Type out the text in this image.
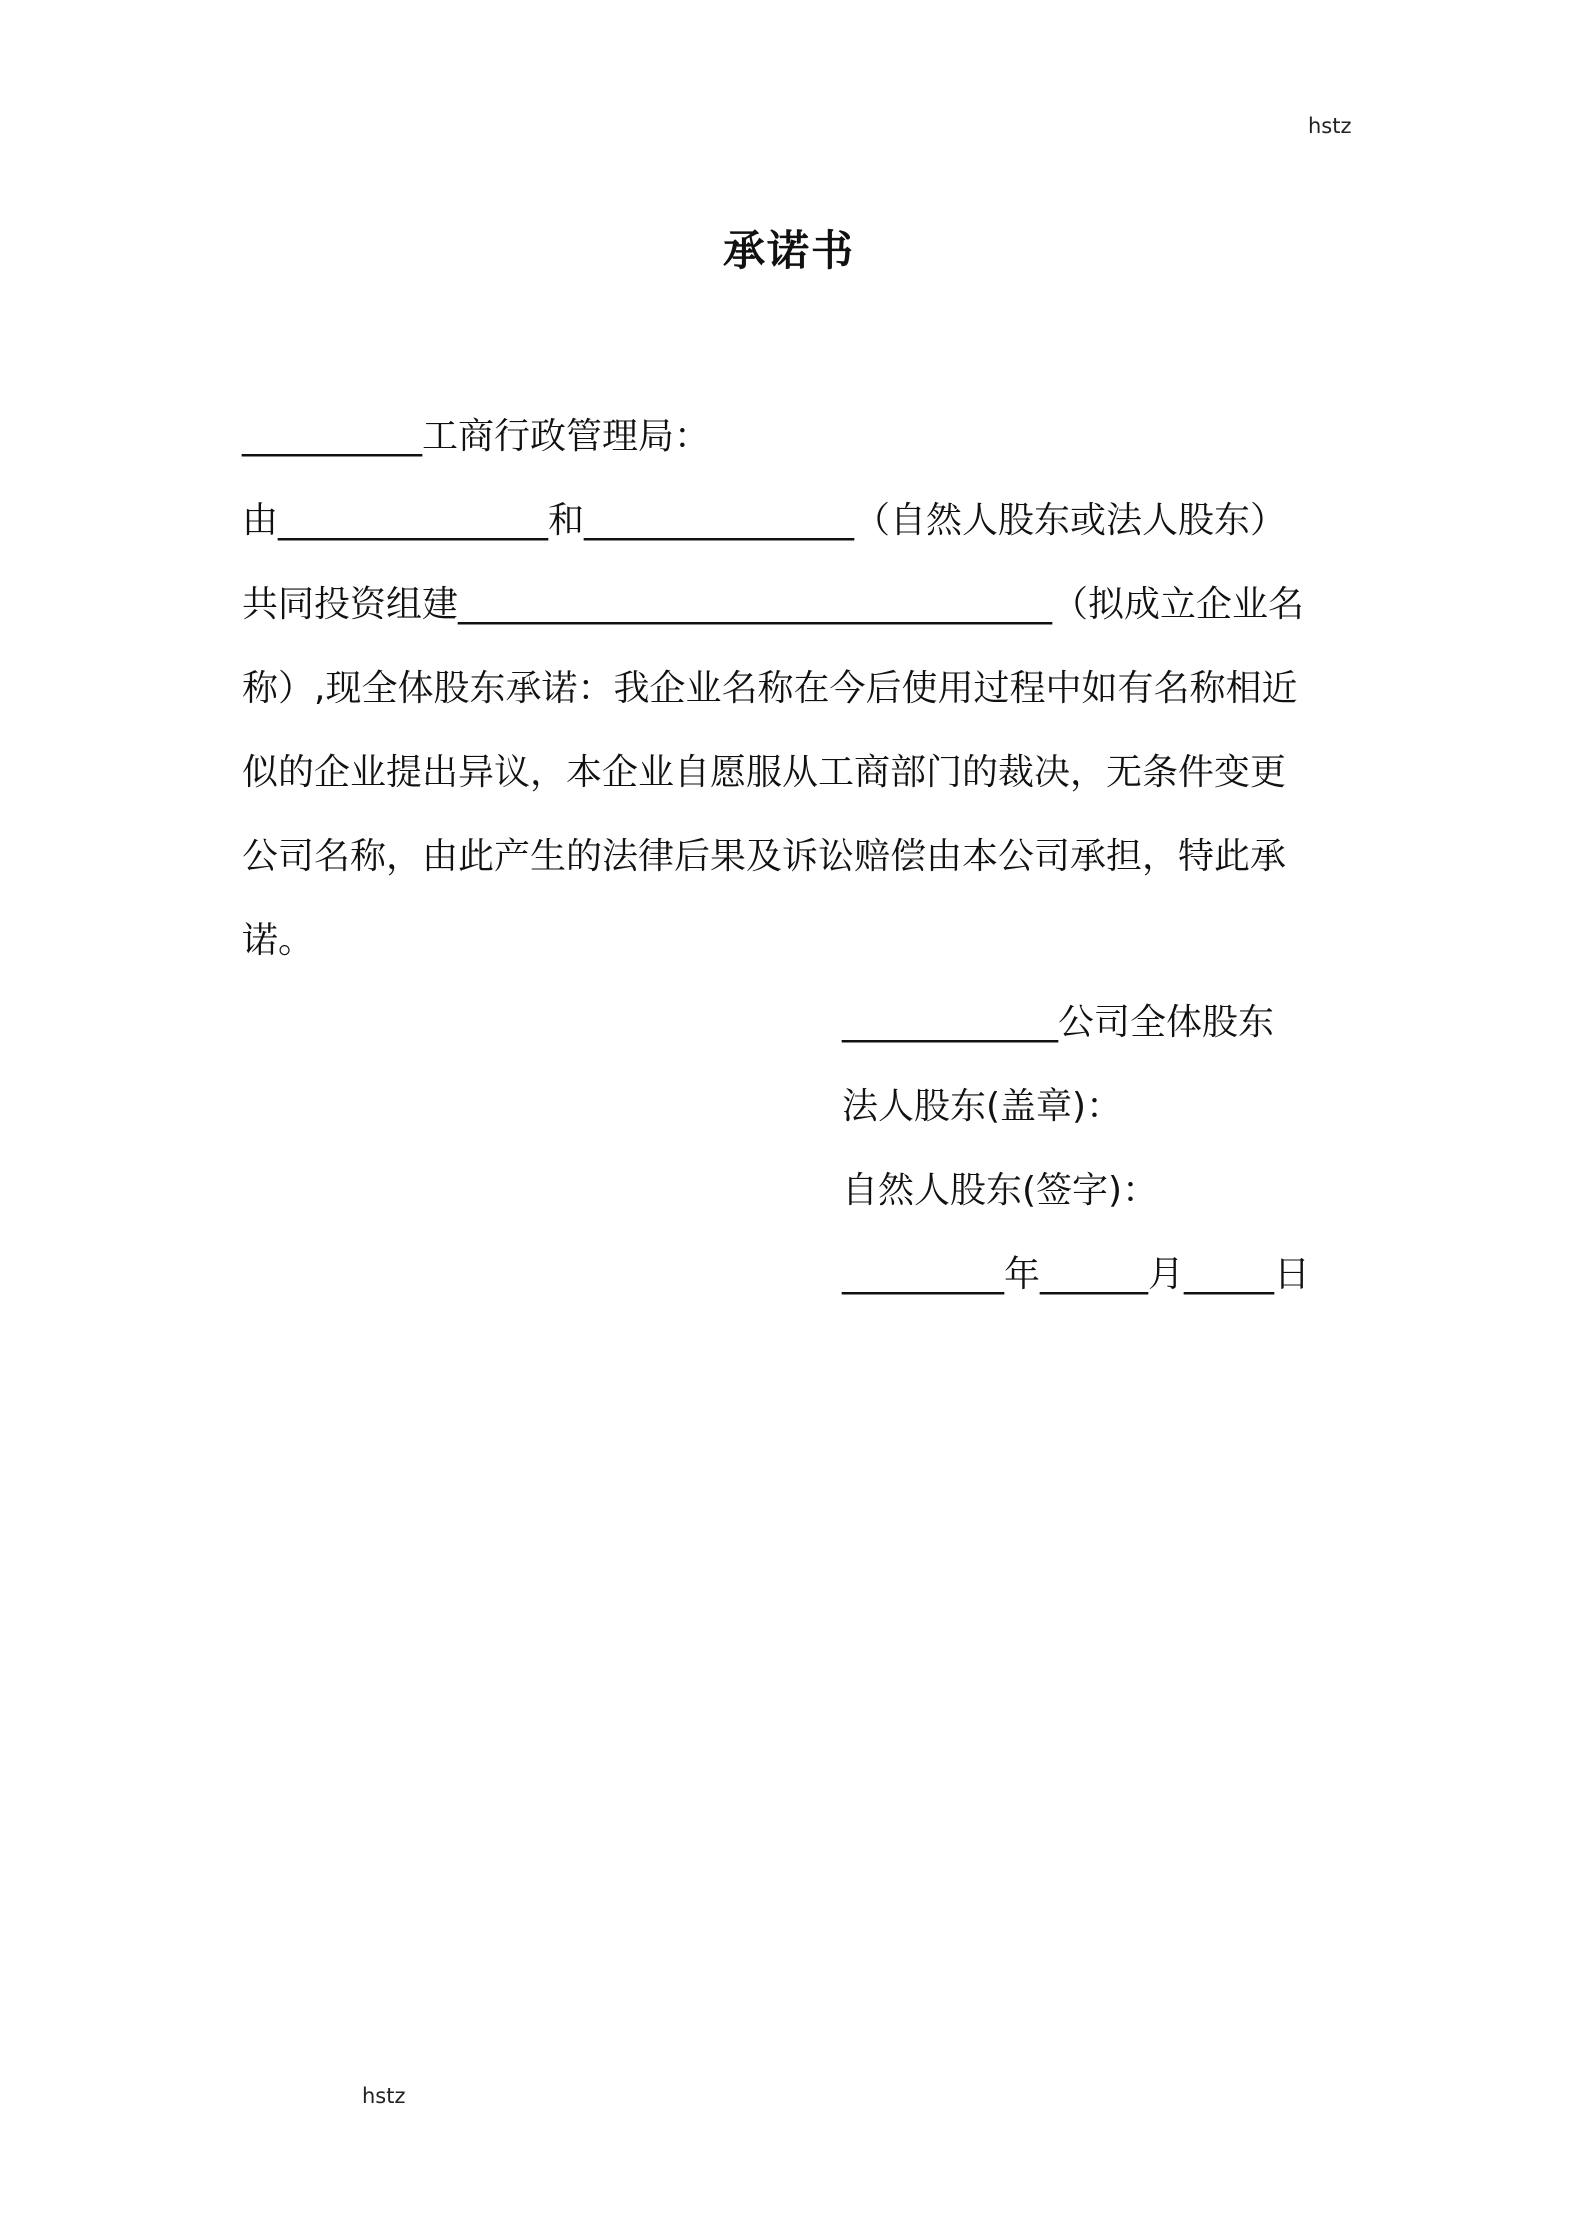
hstz
承诺书
__________工商行政管理局：
由_______________和_______________（自然人股东或法人股东）
共同投资组建_________________________________（拟成立企业名
称）,现全体股东承诺：我企业名称在今后使用过程中如有名称相近
似的企业提出异议，本企业自愿服从工商部门的裁决，无条件变更
公司名称，由此产生的法律后果及诉讼赔偿由本公司承担，特此承
诺。
____________公司全体股东
法人股东(盖章)：
自然人股东(签字)：
_________年______月_____日
hstz
